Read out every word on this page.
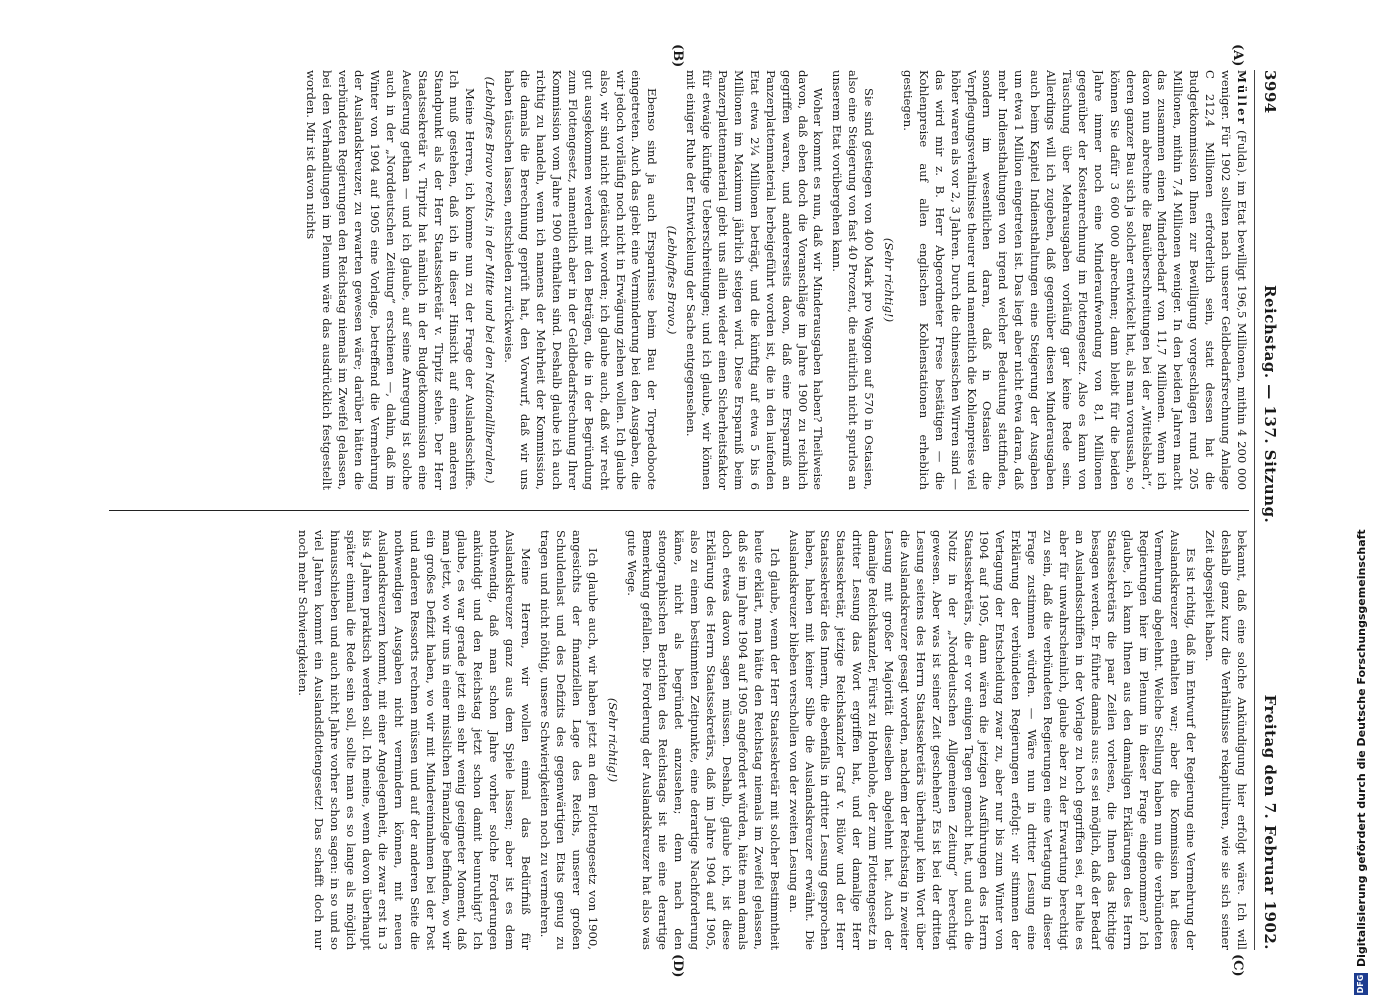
3994
Reichstag. — 137. Sitzung.
Freitag den 7. Februar 1902.
(A)
(B)
(C)
(D)

Müller (Fulda). im Etat bewilligt 196,5 Millionen, mithin 4 200 000 weniger. Für 1902 sollten nach unserer Geldbedarfsrechnung Anlage C 212,4 Millionen erforderlich sein, statt dessen hat die Budgetkommission Ihnen zur Bewilligung vorgeschlagen rund 205 Millionen, mithin 7,4 Millionen weniger. In den beiden Jahren macht das zusammen einen Minderbedarf von 11,7 Millionen. Wenn ich davon nun abrechne die Bauüberschreitungen bei der „Wittelsbach“, deren ganzer Bau sich ja solcher entwickelt hat, als man voraussah, so können Sie dafür 3 600 000 abrechnen; dann bleibt für die beiden Jahre immer noch eine Minderaufwendung von 8,1 Millionen gegenüber der Kostenrechnung im Flottengesetz. Also es kann von Täuschung über Mehrausgaben vorläufig gar keine Rede sein. Allerdings will ich zugeben, daß gegenüber diesen Minderausgaben auch beim Kapitel Indiensthaltungen eine Steigerung der Ausgaben um etwa 1 Million eingetreten ist. Das liegt aber nicht etwa daran, daß mehr Indiensthaltungen von irgend welcher Bedeutung stattfinden, sondern im wesentlichen daran, daß in Ostasien die Verpflegungsverhältnisse theurer und namentlich die Kohlenpreise viel höher waren als vor 2, 3 Jahren. Durch die chinesischen Wirren sind — das wird mir z. B. Herr Abgeordneter Frese bestätigen — die Kohlenpreise auf allen englischen Kohlenstationen erheblich gestiegen.

(Sehr richtig!)

Sie sind gestiegen von 400 Mark pro Waggon auf 570 in Ostasien, also eine Steigerung von fast 40 Prozent, die natürlich nicht spurlos an unserem Etat vorübergehen kann.

Woher kommt es nun, daß wir Minderausgaben haben? Theilweise davon, daß eben doch die Voranschläge im Jahre 1900 zu reichlich gegriffen waren, und andererseits davon, daß eine Ersparniß an Panzerplattenmaterial herbeigeführt worden ist, die in den laufenden Etat etwa 2¼ Millionen beträgt, und die künftig auf etwa 5 bis 6 Millionen im Maximum jährlich steigen wird. Diese Ersparniß beim Panzerplattenmaterial giebt uns allein wieder einen Sicherheitsfaktor für etwaige künftige Ueberschreitungen; und ich glaube, wir können mit einiger Ruhe der Entwickelung der Sache entgegensehen.

(Lebhaftes Bravo.)

Ebenso sind ja auch Ersparnisse beim Bau der Torpedoboote eingetreten. Auch das giebt eine Verminderung bei den Ausgaben, die wir jedoch vorläufig noch nicht in Erwägung ziehen wollen. Ich glaube also, wir sind nicht getäuscht worden; ich glaube auch, daß wir recht gut ausgekommen werden mit den Beträgen, die in der Begründung zum Flottengesetz, namentlich aber in der Geldbedarfsrechnung Ihrer Kommission vom Jahre 1900 enthalten sind. Deshalb glaube ich auch richtig zu handeln, wenn ich namens der Mehrheit der Kommission, die damals die Berechnung geprüft hat, den Vorwurf, daß wir uns haben täuschen lassen, entschieden zurückweise.

(Lebhaftes Bravo rechts, in der Mitte und bei den Nationalliberalen.)

Meine Herren, ich komme nun zu der Frage der Auslandsschiffe. Ich muß gestehen, daß ich in dieser Hinsicht auf einem anderen Standpunkt als der Herr Staatssekretär v. Tirpitz stehe. Der Herr Staatssekretär v. Tirpitz hat nämlich in der Budgetkommission eine Aeußerung gethan — und ich glaube, auf seine Anregung ist solche auch in der „Norddeutschen Zeitung“ erschienen —, dahin, daß im Winter von 1904 auf 1905 eine Vorlage, betreffend die Vermehrung der Auslandskreuzer, zu erwarten gewesen wäre; darüber hätten die verbündeten Regierungen den Reichstag niemals im Zweifel gelassen, bei den Verhandlungen im Plenum wäre das ausdrücklich festgestellt worden. Mir ist davon nichts

bekannt, daß eine solche Ankündigung hier erfolgt wäre. Ich will deshalb ganz kurz die Verhältnisse rekapituliren, wie sie sich seiner Zeit abgespielt haben.

Es ist richtig, daß im Entwurf der Regierung eine Vermehrung der Auslandskreuzer enthalten war; aber die Kommission hat diese Vermehrung abgelehnt. Welche Stellung haben nun die verbündeten Regierungen hier im Plenum in dieser Frage eingenommen? Ich glaube, ich kann Ihnen aus den damaligen Erklärungen des Herrn Staatssekretärs die paar Zeilen vorlesen, die Ihnen das Richtige besagen werden. Er führte damals aus: es sei möglich, daß der Bedarf an Auslandsschiffen in der Vorlage zu hoch gegriffen sei, er halte es aber für unwahrscheinlich, glaube aber zu der Erwartung berechtigt zu sein, daß die verbündeten Regierungen eine Vertagung in dieser Frage zustimmen würden. — Wäre nun in dritter Lesung eine Erklärung der verbündeten Regierungen erfolgt: wir stimmen der Vertagung der Entscheidung zwar zu, aber nur bis zum Winter von 1904 auf 1905, dann wären die jetzigen Ausführungen des Herrn Staatssekretärs, die er vor einigen Tagen gemacht hat, und auch die Notiz in der „Norddeutschen Allgemeinen Zeitung“ berechtigt gewesen. Aber was ist seiner Zeit geschehen? Es ist bei der dritten Lesung seitens des Herrn Staatssekretärs überhaupt kein Wort über die Auslandskreuzer gesagt worden, nachdem der Reichstag in zweiter Lesung mit großer Majorität dieselben abgelehnt hat. Auch der damalige Reichskanzler, Fürst zu Hohenlohe, der zum Flottengesetz in dritter Lesung das Wort ergriffen hat, und der damalige Herr Staatssekretär, jetzige Reichskanzler Graf v. Bülow und der Herr Staatssekretär des Innern, die ebenfalls in dritter Lesung gesprochen haben, haben mit keiner Silbe die Auslandskreuzer erwähnt. Die Auslandskreuzer blieben verschollen von der zweiten Lesung an.

Ich glaube, wenn der Herr Staatssekretär mit solcher Bestimmtheit heute erklärt, man hätte den Reichstag niemals im Zweifel gelassen, daß sie im Jahre 1904 auf 1905 angefordert würden, hätte man damals doch etwas davon sagen müssen. Deshalb, glaube ich, ist diese Erklärung des Herrn Staatssekretärs, daß im Jahre 1904 auf 1905, also zu einem bestimmten Zeitpunkte, eine derartige Nachforderung käme, nicht als begründet anzusehen; denn nach den stenographischen Berichten des Reichstags ist nie eine derartige Bemerkung gefallen. Die Forderung der Auslandskreuzer hat also was gute Wege.

(Sehr richtig!)

Ich glaube auch, wir haben jetzt an dem Flottengesetz von 1900, angesichts der finanziellen Lage des Reichs, unserer großen Schuldenlast und des Defizits des gegenwärtigen Etats genug zu tragen und nicht nöthig, unsere Schwierigkeiten noch zu vermehren.

Meine Herren, wir wollen einmal das Bedürfniß für Auslandskreuzer ganz aus dem Spiele lassen; aber ist es dem nothwendig, daß man schon Jahre vorher solche Forderungen ankündigt und den Reichstag jetzt schon damit beunruhigt? Ich glaube, es war gerade jetzt ein sehr wenig geeigneter Moment, daß man jetzt, wo wir uns in einer misslichen Finanzlage befinden, wo wir ein großes Defizit haben, wo wir mit Mindereinnahmen bei der Post und anderen Ressorts rechnen müssen und auf der anderen Seite die nothwendigen Ausgaben nicht vermindern können, mit neuen Auslandskreuzern kommt, mit einer Angelegenheit, die zwar erst in 3 bis 4 Jahren praktisch werden soll. Ich meine, wenn davon überhaupt später einmal die Rede sein soll, sollte man es so lange als möglich hinausschieben und auch nicht Jahre vorher schon sagen: in so und so viel Jahren kommt ein Auslandsflottengesetz! Das schafft doch nur noch mehr Schwierigkeiten.

DFG
Digitalisierung gefördert durch die Deutsche Forschungsgemeinschaft
